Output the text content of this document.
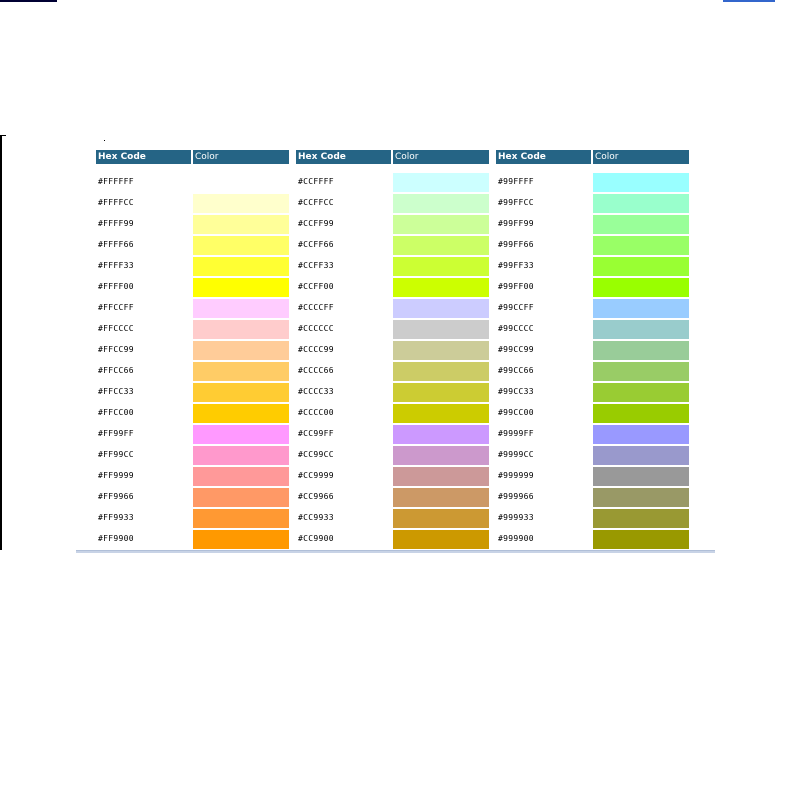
Hex Code	Color
#FFFFFF
#FFFFCC
#FFFF99
#FFFF66
#FFFF33
#FFFF00
#FFCCFF
#FFCCCC
#FFCC99
#FFCC66
#FFCC33
#FFCC00
#FF99FF
#FF99CC
#FF9999
#FF9966
#FF9933
#FF9900
Hex Code	Color
#CCFFFF
#CCFFCC
#CCFF99
#CCFF66
#CCFF33
#CCFF00
#CCCCFF
#CCCCCC
#CCCC99
#CCCC66
#CCCC33
#CCCC00
#CC99FF
#CC99CC
#CC9999
#CC9966
#CC9933
#CC9900
Hex Code	Color
#99FFFF
#99FFCC
#99FF99
#99FF66
#99FF33
#99FF00
#99CCFF
#99CCCC
#99CC99
#99CC66
#99CC33
#99CC00
#9999FF
#9999CC
#999999
#999966
#999933
#999900
